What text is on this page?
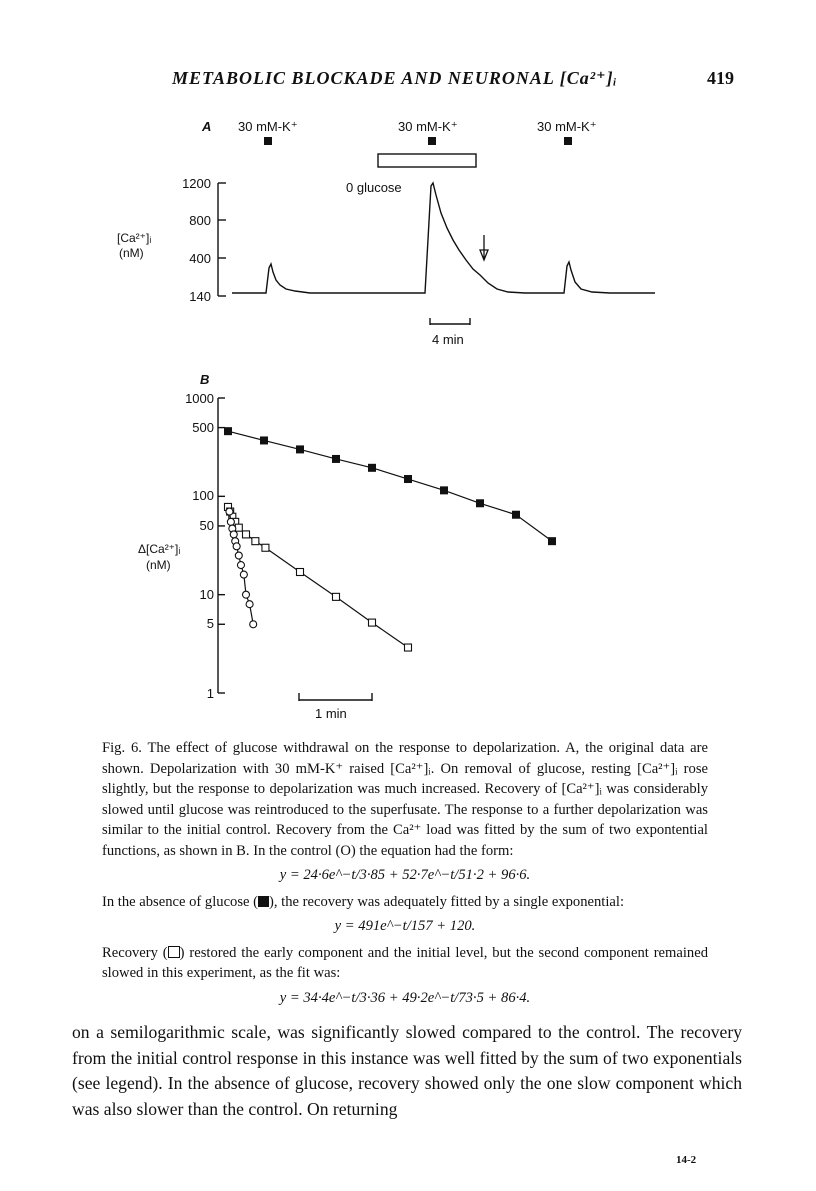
METABOLIC BLOCKADE AND NEURONAL [Ca²⁺]ᵢ	419
A 30 mM-K⁺	30 mM-K⁺	30 mM-K⁺
0 glucose
1200
800
400
140
[Ca²⁺]ᵢ
(nM)
4 min
B
1000
500
100
50
10
5
1
Δ[Ca²⁺]ᵢ
(nM)
1 min

Fig. 6. The effect of glucose withdrawal on the response to depolarization. A, the original data are shown. Depolarization with 30 mM-K⁺ raised [Ca²⁺]ᵢ. On removal of glucose, resting [Ca²⁺]ᵢ rose slightly, but the response to depolarization was much increased. Recovery of [Ca²⁺]ᵢ was considerably slowed until glucose was reintroduced to the superfusate. The response to a further depolarization was similar to the initial control. Recovery from the Ca²⁺ load was fitted by the sum of two expontential functions, as shown in B. In the control (O) the equation had the form:

y = 24·6e^−t/3·85 + 52·7e^−t/51·2 + 96·6.

In the absence of glucose ( ), the recovery was adequately fitted by a single exponential:

y = 491e^−t/157 + 120.

Recovery ( ) restored the early component and the initial level, but the second component remained slowed in this experiment, as the fit was:

y = 34·4e^−t/3·36 + 49·2e^−t/73·5 + 86·4.
on a semilogarithmic scale, was significantly slowed compared to the control. The recovery from the initial control response in this instance was well fitted by the sum of two exponentials (see legend). In the absence of glucose, recovery showed only the one slow component which was also slower than the control. On returning
14-2
